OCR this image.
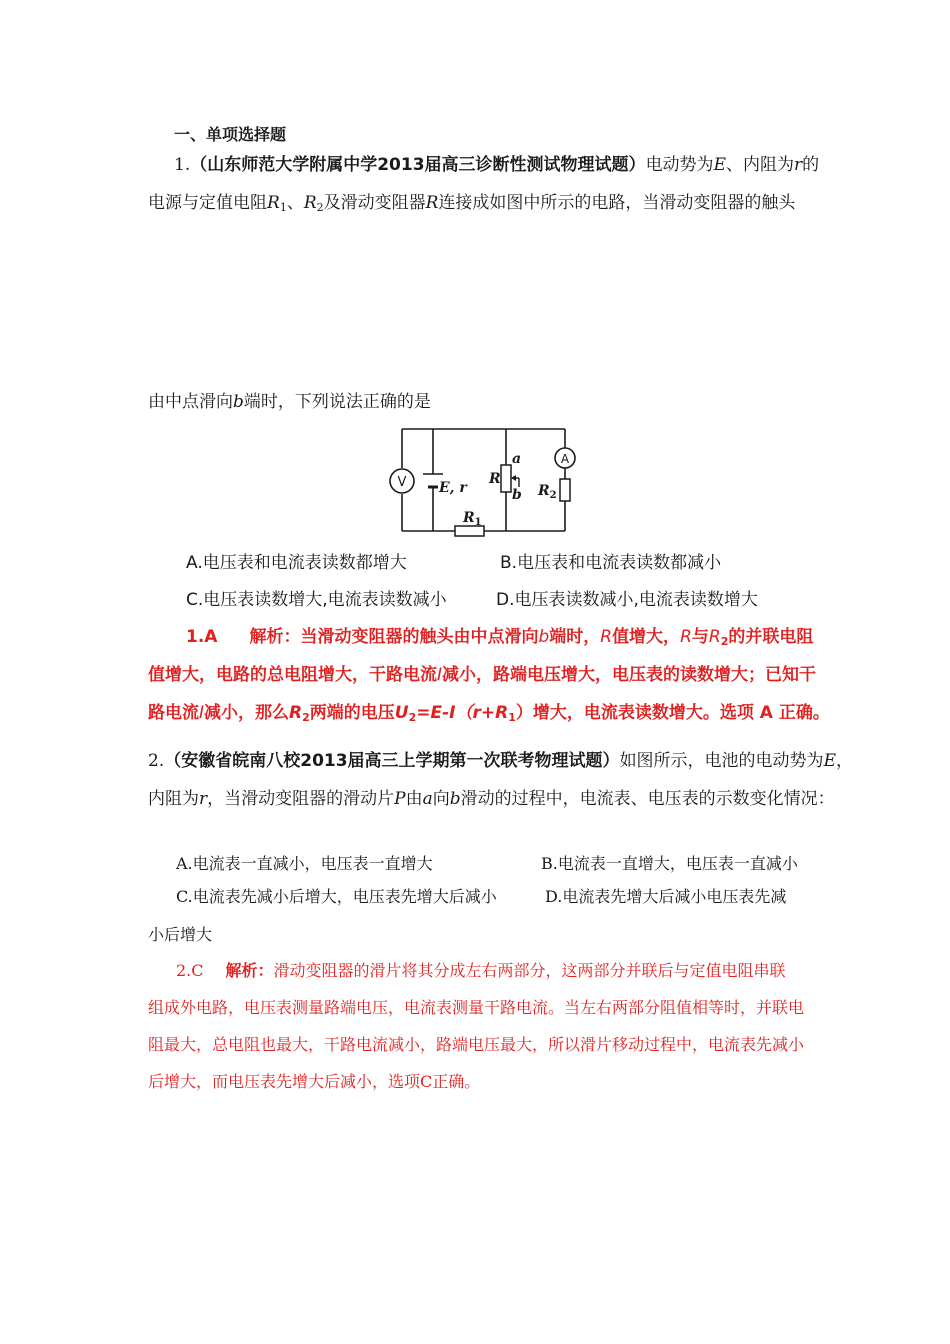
一、单项选择题
1.（山东师范大学附属中学2013届高三诊断性测试物理试题）电动势为E、内阻为r的
电源与定值电阻$R_1$、$R_2$及滑动变阻器R连接成如图中所示的电路，当滑动变阻器的触头
由中点滑向b端时，下列说法正确的是
V E, r
R
a
b
$R_1$
A
$R_2$
A.电压表和电流表读数都增大	B.电压表和电流表读数都减小
C.电压表读数增大,电流表读数减小	D.电压表读数减小,电流表读数增大
1.A 解析：当滑动变阻器的触头由中点滑向b端时，R值增大，R与$R_2$的并联电阻
值增大，电路的总电阻增大，干路电流I减小，路端电压增大，电压表的读数增大；已知干
路电流I减小，那么$R_2$两端的电压$U_2=E-I(r+R_1)$增大，电流表读数增大。选项 A 正确。
2.（安徽省皖南八校2013届高三上学期第一次联考物理试题）如图所示，电池的电动势为E，
内阻为r，当滑动变阻器的滑动片P由a向b滑动的过程中，电流表、电压表的示数变化情况：
A.电流表一直减小，电压表一直增大	B.电流表一直增大，电压表一直减小
C.电流表先减小后增大，电压表先增大后减小	D.电流表先增大后减小电压表先减
小后增大
2.C 解析：滑动变阻器的滑片将其分成左右两部分，这两部分并联后与定值电阻串联
组成外电路，电压表测量路端电压，电流表测量干路电流。当左右两部分阻值相等时，并联电
阻最大，总电阻也最大，干路电流减小，路端电压最大，所以滑片移动过程中，电流表先减小
后增大，而电压表先增大后减小，选项C正确。
